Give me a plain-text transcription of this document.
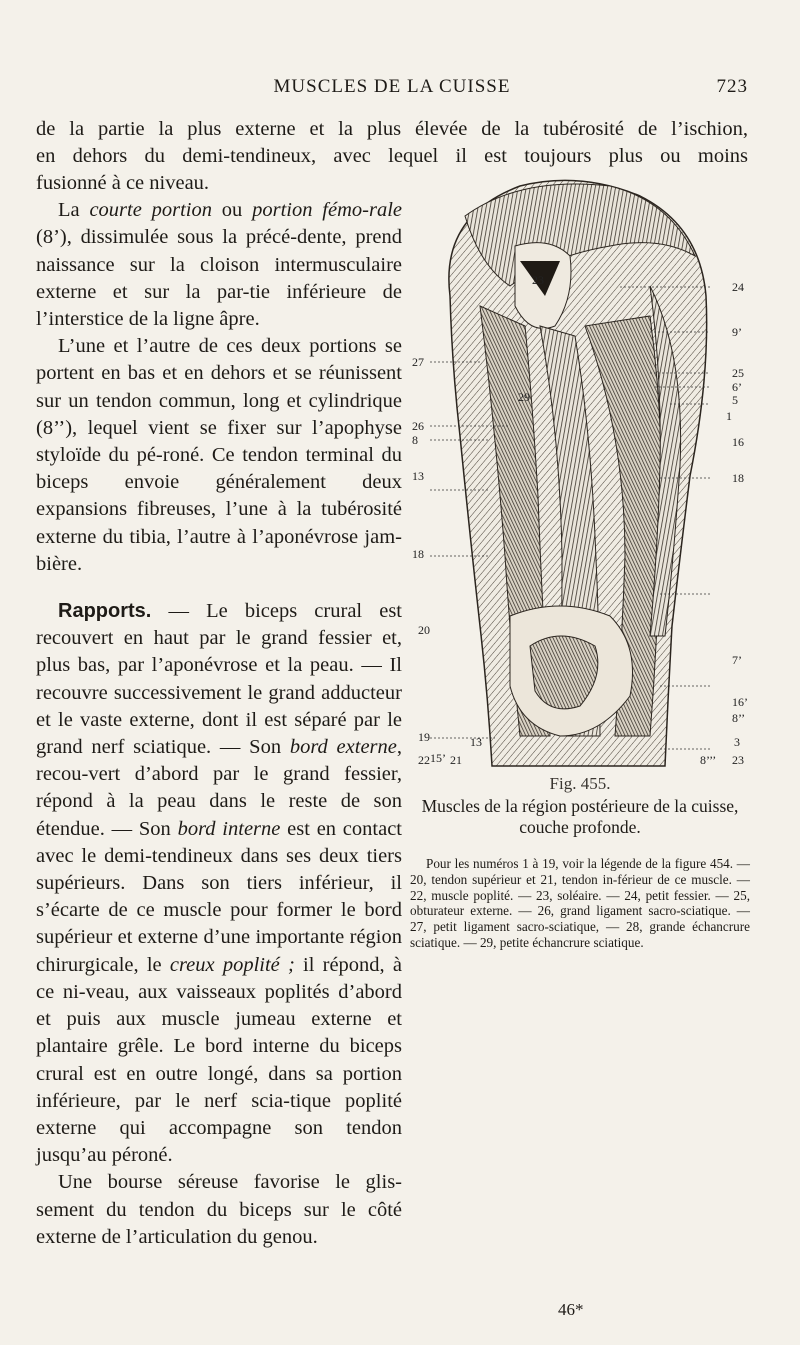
MUSCLES DE LA CUISSE	723
de la partie la plus externe et la plus élevée de la tubérosité de l’ischion,
en dehors du demi-tendineux, avec lequel il est toujours plus ou moins

fusionné à ce niveau.

La courte portion ou portion fémo-rale (8’), dissimulée sous la précé-dente, prend naissance sur la cloison intermusculaire externe et sur la par-tie inférieure de l’interstice de la ligne âpre.

L’une et l’autre de ces deux portions se portent en bas et en dehors et se réunissent sur un tendon commun, long et cylindrique (8’’), lequel vient se fixer sur l’apophyse styloïde du pé-roné. Ce tendon terminal du biceps envoie généralement deux expansions fibreuses, l’une à la tubérosité externe du tibia, l’autre à l’aponévrose jam-bière.

Rapports. — Le biceps crural est recouvert en haut par le grand fessier et, plus bas, par l’aponévrose et la peau. — Il recouvre successivement le grand adducteur et le vaste externe, dont il est séparé par le grand nerf sciatique. — Son bord externe, recou-vert d’abord par le grand fessier, répond à la peau dans le reste de son étendue. — Son bord interne est en contact avec le demi-tendineux dans ses deux tiers supérieurs. Dans son tiers inférieur, il s’écarte de ce muscle pour former le bord supérieur et externe d’une importante région chirurgicale, le creux poplité ; il répond, à ce ni-veau, aux vaisseaux poplités d’abord et puis aux muscle jumeau externe et plantaire grêle. Le bord interne du biceps crural est en outre longé, dans sa portion inférieure, par le nerf scia-tique poplité externe qui accompagne son tendon jusqu’au péroné.

Une bourse séreuse favorise le glis-sement du tendon du biceps sur le côté externe de l’articulation du genou.

24
9’
23
27
25
6’
5
1
29
26
8
13	18
16
18
20
7’
16’
19
8’’
3
13
15’ 21	8’’’
22	23
Fig. 455.
Muscles de la région postérieure de la cuisse, couche profonde.

Pour les numéros 1 à 19, voir la légende de la figure 454. — 20, tendon supérieur et 21, tendon in-férieur de ce muscle. — 22, muscle poplité. — 23, soléaire. — 24, petit fessier. — 25, obturateur externe. — 26, grand ligament sacro-sciatique. — 27, petit ligament sacro-sciatique, — 28, grande échancrure sciatique. — 29, petite échancrure sciatique.

46*
